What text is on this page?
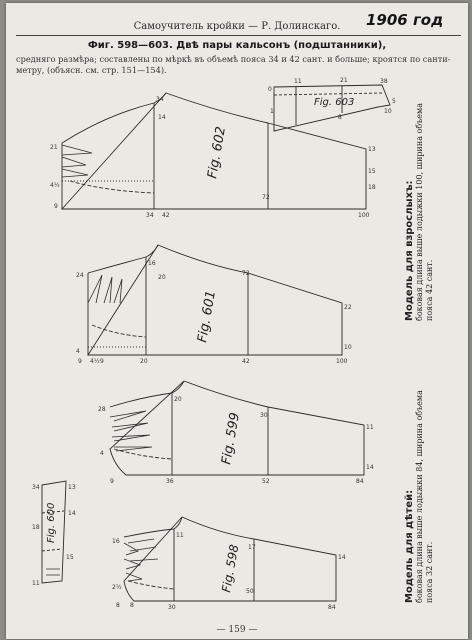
Самоучитель кройки — Р. Долинскаго.	1906 год
Фиг. 598—603. Двѣ пары кальсонъ (подштанники),

средняго размѣра; составлены по мѣркѣ въ объемѣ пояса 34 и 42 сант. и больше; кроятся по санти-

метру, (объясн. см. стр. 151—154).

Fig. 603
0
11	21
1
38
8
5
10
Fig. 602
21
34
14
4½
9
34 42
72
100
13
15
18
Fig. 601
24	20
16
4
9 4½ 9	20	42
72
100
22
10
Fig. 599
28
20
4
9	36
30
52	84
11
14
Fig. 600
34
18
13
14
15
11	Fig. 598
16
2½
8 8	30
11
50
84
17
14
Модель для взрослыхъ: боковая длина выше лодыжки 100, ширина объема пояса 42 сант.
Модель для дѣтей: боковая длина выше лодыжки 84, ширина объема пояса 32 сант.
— 159 —
